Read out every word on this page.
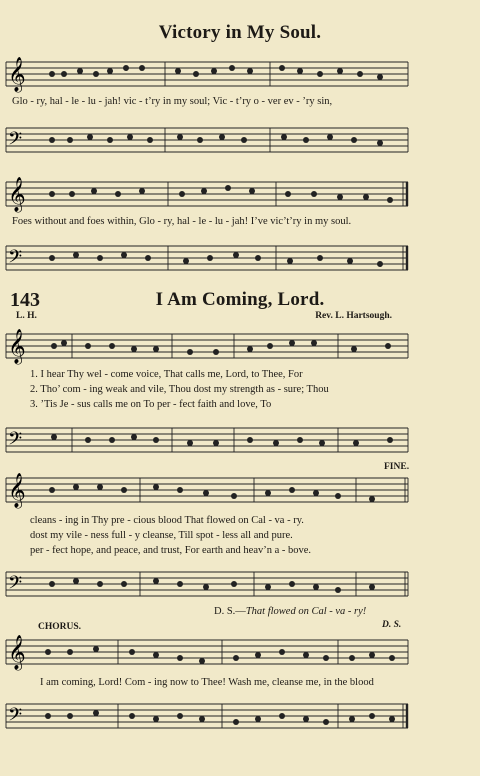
Victory in My Soul.
𝄞
Glo - ry, hal - le - lu - jah! vic - t’ry in my soul; Vic - t’ry o - ver ev - ’ry sin,
𝄢
𝄞
Foes without and foes within, Glo - ry, hal - le - lu - jah! I’ve vic’t’ry in my soul.
𝄢
143	I Am Coming, Lord.
L. H.	Rev. L. Hartsough.
𝄞
1. I hear Thy wel - come voice, That calls me, Lord, to Thee, For
2. Tho’ com - ing weak and vile, Thou dost my strength as - sure; Thou
3. ’Tis Je - sus calls me on To per - fect faith and love, To
𝄢
FINE.
𝄞
cleans - ing in Thy pre - cious blood That flowed on Cal - va - ry.
dost my vile - ness full - y cleanse, Till spot - less all and pure.
per - fect hope, and peace, and trust, For earth and heav’n a - bove.
𝄢
D. S.—That flowed on Cal - va - ry!
CHORUS.	D. S.
𝄞
I am coming, Lord! Com - ing now to Thee! Wash me, cleanse me, in the blood
𝄢
